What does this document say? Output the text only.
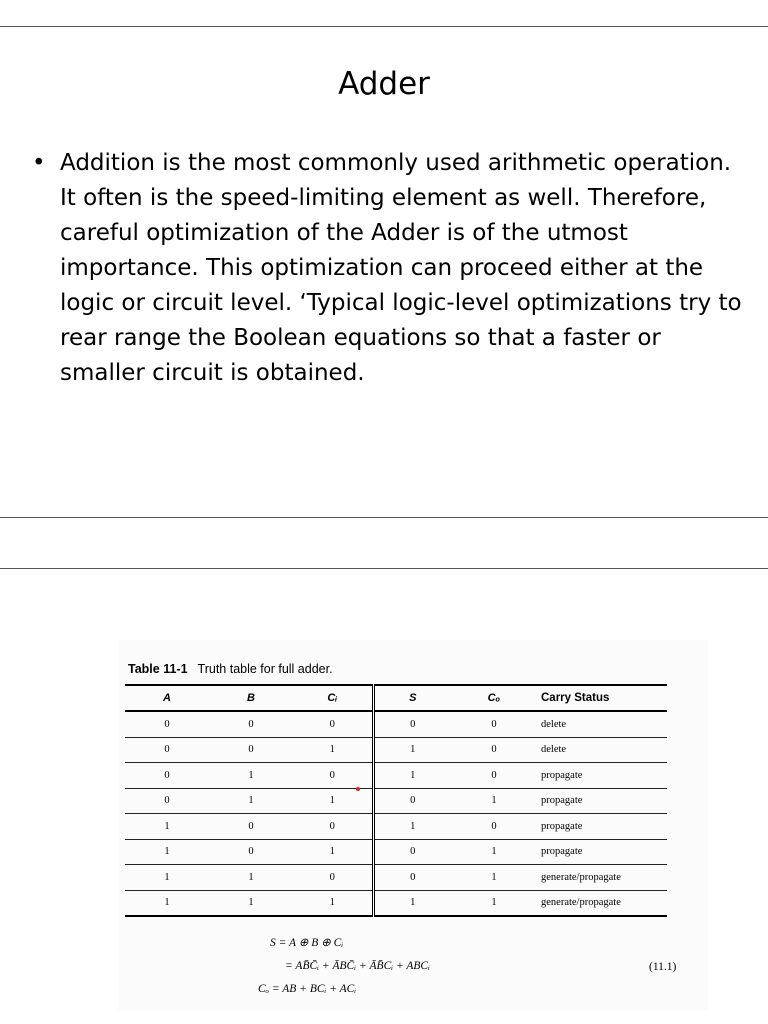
Adder
• Addition is the most commonly used arithmetic operation. It often is the speed-limiting element as well. Therefore, careful optimization of the Adder is of the utmost importance. This optimization can proceed either at the logic or circuit level. ‘Typical logic-level optimizations try to rear range the Boolean equations so that a faster or smaller circuit is obtained.
Table 11-1 Truth table for full adder.
A	B	Cᵢ	S	Cₒ	Carry Status
0	0	0	0	0	delete
0	0	1	1	0	delete
0	1	0	1	0	propagate
0	1	1	0	1	propagate
1	0	0	1	0	propagate
1	0	1	0	1	propagate
1	1	0	0	1	generate/propagate
1	1	1	1	1	generate/propagate
S = A ⊕ B ⊕ Cᵢ
= AB̄C̄ᵢ + ĀBC̄ᵢ + ĀB̄Cᵢ + ABCᵢ
Cₒ = AB + BCᵢ + ACᵢ
(11.1)
